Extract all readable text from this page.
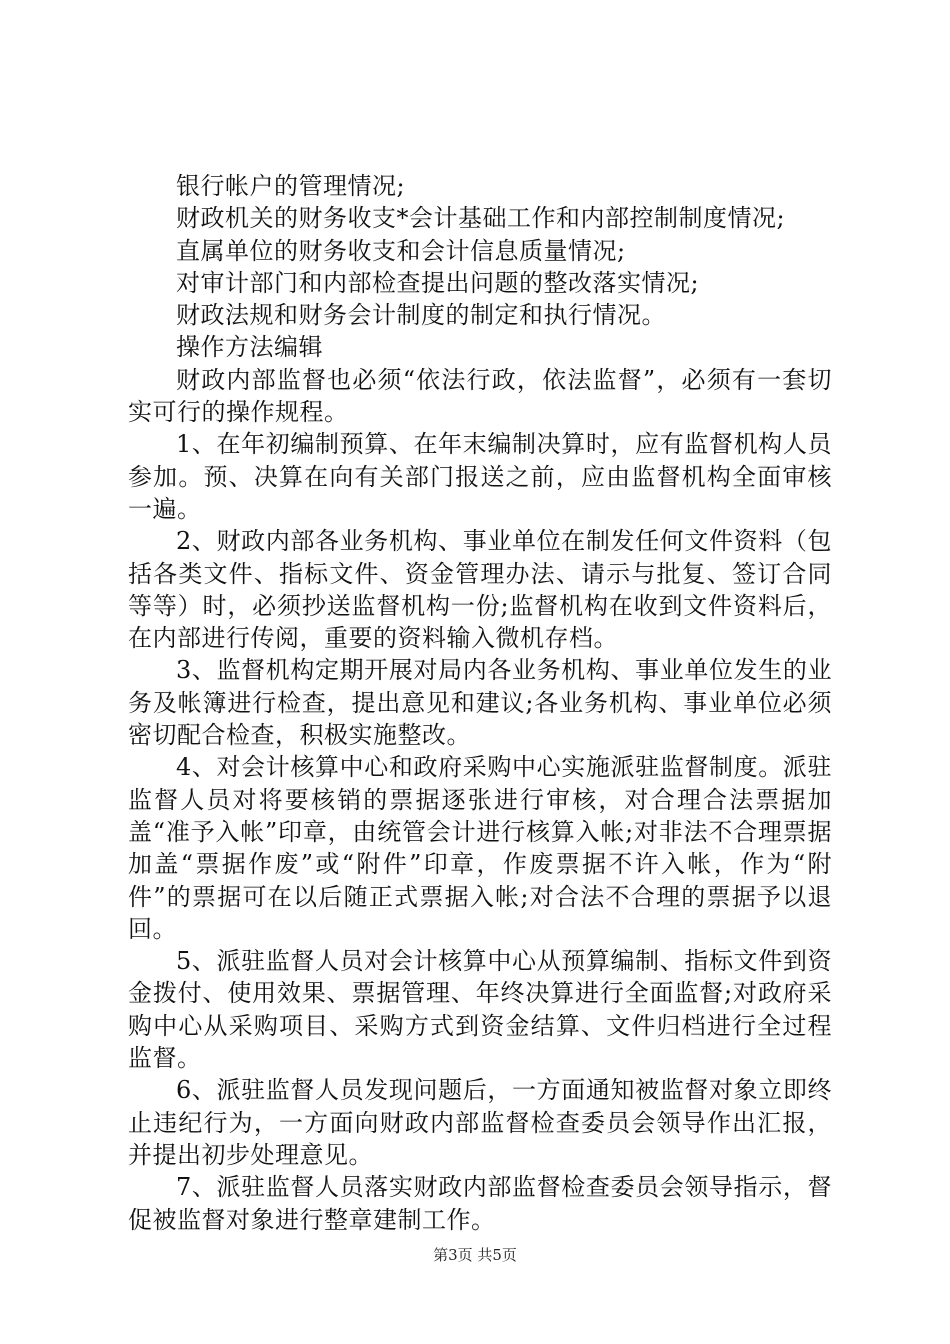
银行帐户的管理情况;

财政机关的财务收支*会计基础工作和内部控制制度情况;

直属单位的财务收支和会计信息质量情况;

对审计部门和内部检查提出问题的整改落实情况;

财政法规和财务会计制度的制定和执行情况。

操作方法编辑

财政内部监督也必须“依法行政，依法监督”，必须有一套切实可行的操作规程。

1、在年初编制预算、在年末编制决算时，应有监督机构人员参加。预、决算在向有关部门报送之前，应由监督机构全面审核一遍。

2、财政内部各业务机构、事业单位在制发任何文件资料（包括各类文件、指标文件、资金管理办法、请示与批复、签订合同等等）时，必须抄送监督机构一份;监督机构在收到文件资料后，在内部进行传阅，重要的资料输入微机存档。

3、监督机构定期开展对局内各业务机构、事业单位发生的业务及帐簿进行检查，提出意见和建议;各业务机构、事业单位必须密切配合检查，积极实施整改。

4、对会计核算中心和政府采购中心实施派驻监督制度。派驻监督人员对将要核销的票据逐张进行审核，对合理合法票据加盖“准予入帐”印章，由统管会计进行核算入帐;对非法不合理票据加盖“票据作废”或“附件”印章，作废票据不许入帐，作为“附件”的票据可在以后随正式票据入帐;对合法不合理的票据予以退回。

5、派驻监督人员对会计核算中心从预算编制、指标文件到资金拨付、使用效果、票据管理、年终决算进行全面监督;对政府采购中心从采购项目、采购方式到资金结算、文件归档进行全过程监督。

6、派驻监督人员发现问题后，一方面通知被监督对象立即终止违纪行为，一方面向财政内部监督检查委员会领导作出汇报，并提出初步处理意见。

7、派驻监督人员落实财政内部监督检查委员会领导指示，督促被监督对象进行整章建制工作。

第3页 共5页
